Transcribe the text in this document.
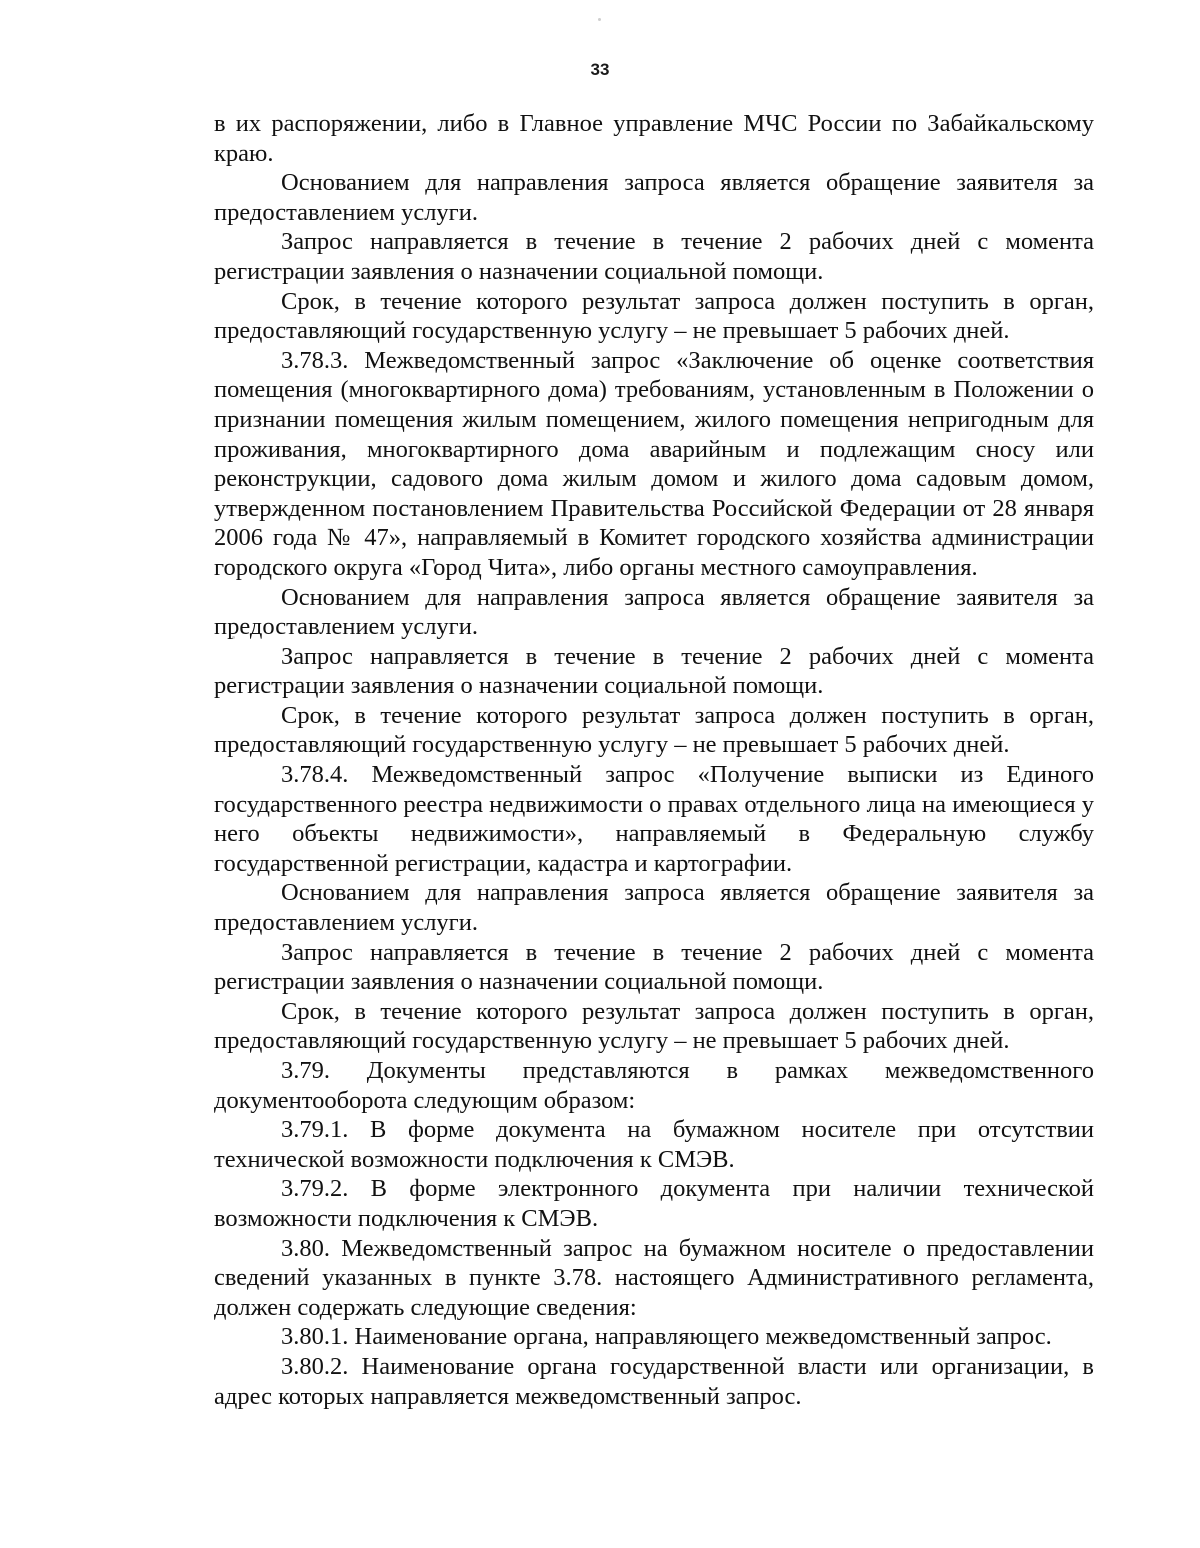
33

в их распоряжении, либо в Главное управление МЧС России по Забайкальскому краю.

Основанием для направления запроса является обращение заявителя за предоставлением услуги.

Запрос направляется в течение в течение 2 рабочих дней с момента регистрации заявления о назначении социальной помощи.

Срок, в течение которого результат запроса должен поступить в орган, предоставляющий государственную услугу – не превышает 5 рабочих дней.

3.78.3. Межведомственный запрос «Заключение об оценке соответствия помещения (многоквартирного дома) требованиям, установленным в Положении о признании помещения жилым помещением, жилого помещения непригодным для проживания, многоквартирного дома аварийным и подлежащим сносу или реконструкции, садового дома жилым домом и жилого дома садовым домом, утвержденном постановлением Правительства Российской Федерации от 28 января 2006 года № 47», направляемый в Комитет городского хозяйства администрации городского округа «Город Чита», либо органы местного самоуправления.

Основанием для направления запроса является обращение заявителя за предоставлением услуги.

Запрос направляется в течение в течение 2 рабочих дней с момента регистрации заявления о назначении социальной помощи.

Срок, в течение которого результат запроса должен поступить в орган, предоставляющий государственную услугу – не превышает 5 рабочих дней.

3.78.4. Межведомственный запрос «Получение выписки из Единого государственного реестра недвижимости о правах отдельного лица на имеющиеся у него объекты недвижимости», направляемый в Федеральную службу государственной регистрации, кадастра и картографии.

Основанием для направления запроса является обращение заявителя за предоставлением услуги.

Запрос направляется в течение в течение 2 рабочих дней с момента регистрации заявления о назначении социальной помощи.

Срок, в течение которого результат запроса должен поступить в орган, предоставляющий государственную услугу – не превышает 5 рабочих дней.

3.79. Документы представляются в рамках межведомственного документооборота следующим образом:

3.79.1. В форме документа на бумажном носителе при отсутствии технической возможности подключения к СМЭВ.

3.79.2. В форме электронного документа при наличии технической возможности подключения к СМЭВ.

3.80. Межведомственный запрос на бумажном носителе о предоставлении сведений указанных в пункте 3.78. настоящего Административного регламента, должен содержать следующие сведения:

3.80.1. Наименование органа, направляющего межведомственный запрос.

3.80.2. Наименование органа государственной власти или организации, в адрес которых направляется межведомственный запрос.
